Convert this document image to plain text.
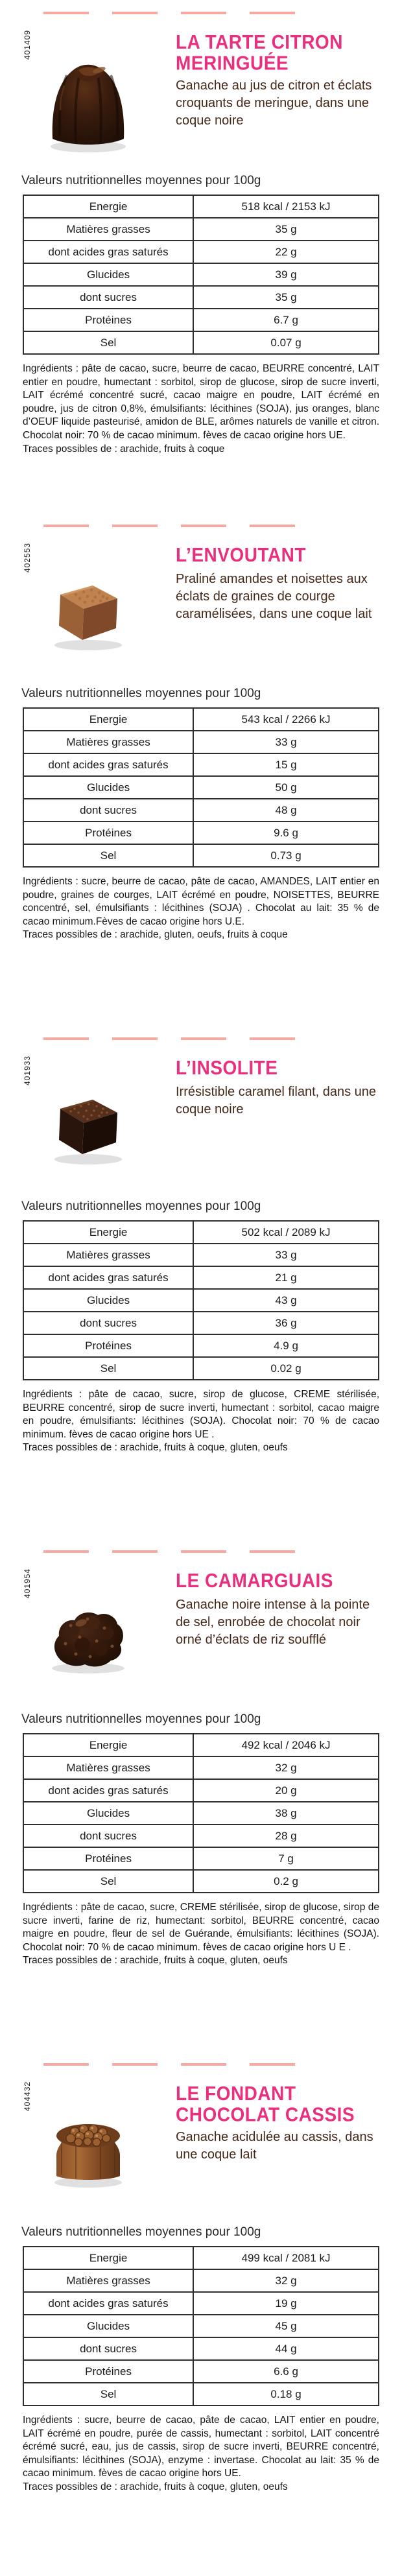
401409	LA TARTE CITRON MERINGUÉE

Ganache au jus de citron et éclats croquants de meringue, dans une coque noire

Valeurs nutritionnelles moyennes pour 100g

Energie	518 kcal / 2153 kJ
Matières grasses	35 g
dont acides gras saturés	22 g
Glucides	39 g
dont sucres	35 g
Protéines	6.7 g
Sel	0.07 g

Ingrédients : pâte de cacao, sucre, beurre de cacao, BEURRE concentré, LAIT entier en poudre, humectant : sorbitol, sirop de glucose, sirop de sucre inverti, LAIT écrémé concentré sucré, cacao maigre en poudre, LAIT écrémé en poudre, jus de citron 0,8%, émulsifiants: lécithines (SOJA), jus oranges, blanc d’OEUF liquide pasteurisé, amidon de BLE, arômes naturels de vanille et citron. Chocolat noir: 70 % de cacao minimum. fèves de cacao origine hors UE.

Traces possibles de : arachide, fruits à coque

402553	L’ENVOUTANT

Praliné amandes et noisettes aux éclats de graines de courge caramélisées, dans une coque lait

Valeurs nutritionnelles moyennes pour 100g

Energie	543 kcal / 2266 kJ
Matières grasses	33 g
dont acides gras saturés	15 g
Glucides	50 g
dont sucres	48 g
Protéines	9.6 g
Sel	0.73 g

Ingrédients : sucre, beurre de cacao, pâte de cacao, AMANDES, LAIT entier en poudre, graines de courges, LAIT écrémé en poudre, NOISETTES, BEURRE concentré, sel, émulsifiants : lécithines (SOJA) . Chocolat au lait: 35 % de cacao minimum.Fèves de cacao origine hors U.E.

Traces possibles de : arachide, gluten, oeufs, fruits à coque

401933	L’INSOLITE

Irrésistible caramel filant, dans une coque noire

Valeurs nutritionnelles moyennes pour 100g

Energie	502 kcal / 2089 kJ
Matières grasses	33 g
dont acides gras saturés	21 g
Glucides	43 g
dont sucres	36 g
Protéines	4.9 g
Sel	0.02 g

Ingrédients : pâte de cacao, sucre, sirop de glucose, CREME stérilisée, BEURRE concentré, sirop de sucre inverti, humectant : sorbitol, cacao maigre en poudre, émulsifiants: lécithines (SOJA). Chocolat noir: 70 % de cacao minimum. fèves de cacao origine hors UE .

Traces possibles de : arachide, fruits à coque, gluten, oeufs

401954	LE CAMARGUAIS

Ganache noire intense à la pointe de sel, enrobée de chocolat noir orné d’éclats de riz soufflé

Valeurs nutritionnelles moyennes pour 100g

Energie	492 kcal / 2046 kJ
Matières grasses	32 g
dont acides gras saturés	20 g
Glucides	38 g
dont sucres	28 g
Protéines	7 g
Sel	0.2 g

Ingrédients : pâte de cacao, sucre, CREME stérilisée, sirop de glucose, sirop de sucre inverti, farine de riz, humectant: sorbitol, BEURRE concentré, cacao maigre en poudre, fleur de sel de Guérande, émulsifiants: lécithines (SOJA). Chocolat noir: 70 % de cacao minimum. fèves de cacao origine hors U E .

Traces possibles de : arachide, fruits à coque, gluten, oeufs

404432	LE FONDANT CHOCOLAT CASSIS

Ganache acidulée au cassis, dans une coque lait

Valeurs nutritionnelles moyennes pour 100g

Energie	499 kcal / 2081 kJ
Matières grasses	32 g
dont acides gras saturés	19 g
Glucides	45 g
dont sucres	44 g
Protéines	6.6 g
Sel	0.18 g

Ingrédients : sucre, beurre de cacao, pâte de cacao, LAIT entier en poudre, LAIT écrémé en poudre, purée de cassis, humectant : sorbitol, LAIT concentré écrémé sucré, eau, jus de cassis, sirop de sucre inverti, BEURRE concentré, émulsifiants: lécithines (SOJA), enzyme : invertase. Chocolat au lait: 35 % de cacao minimum. fèves de cacao origine hors UE.

Traces possibles de : arachide, fruits à coque, gluten, oeufs
